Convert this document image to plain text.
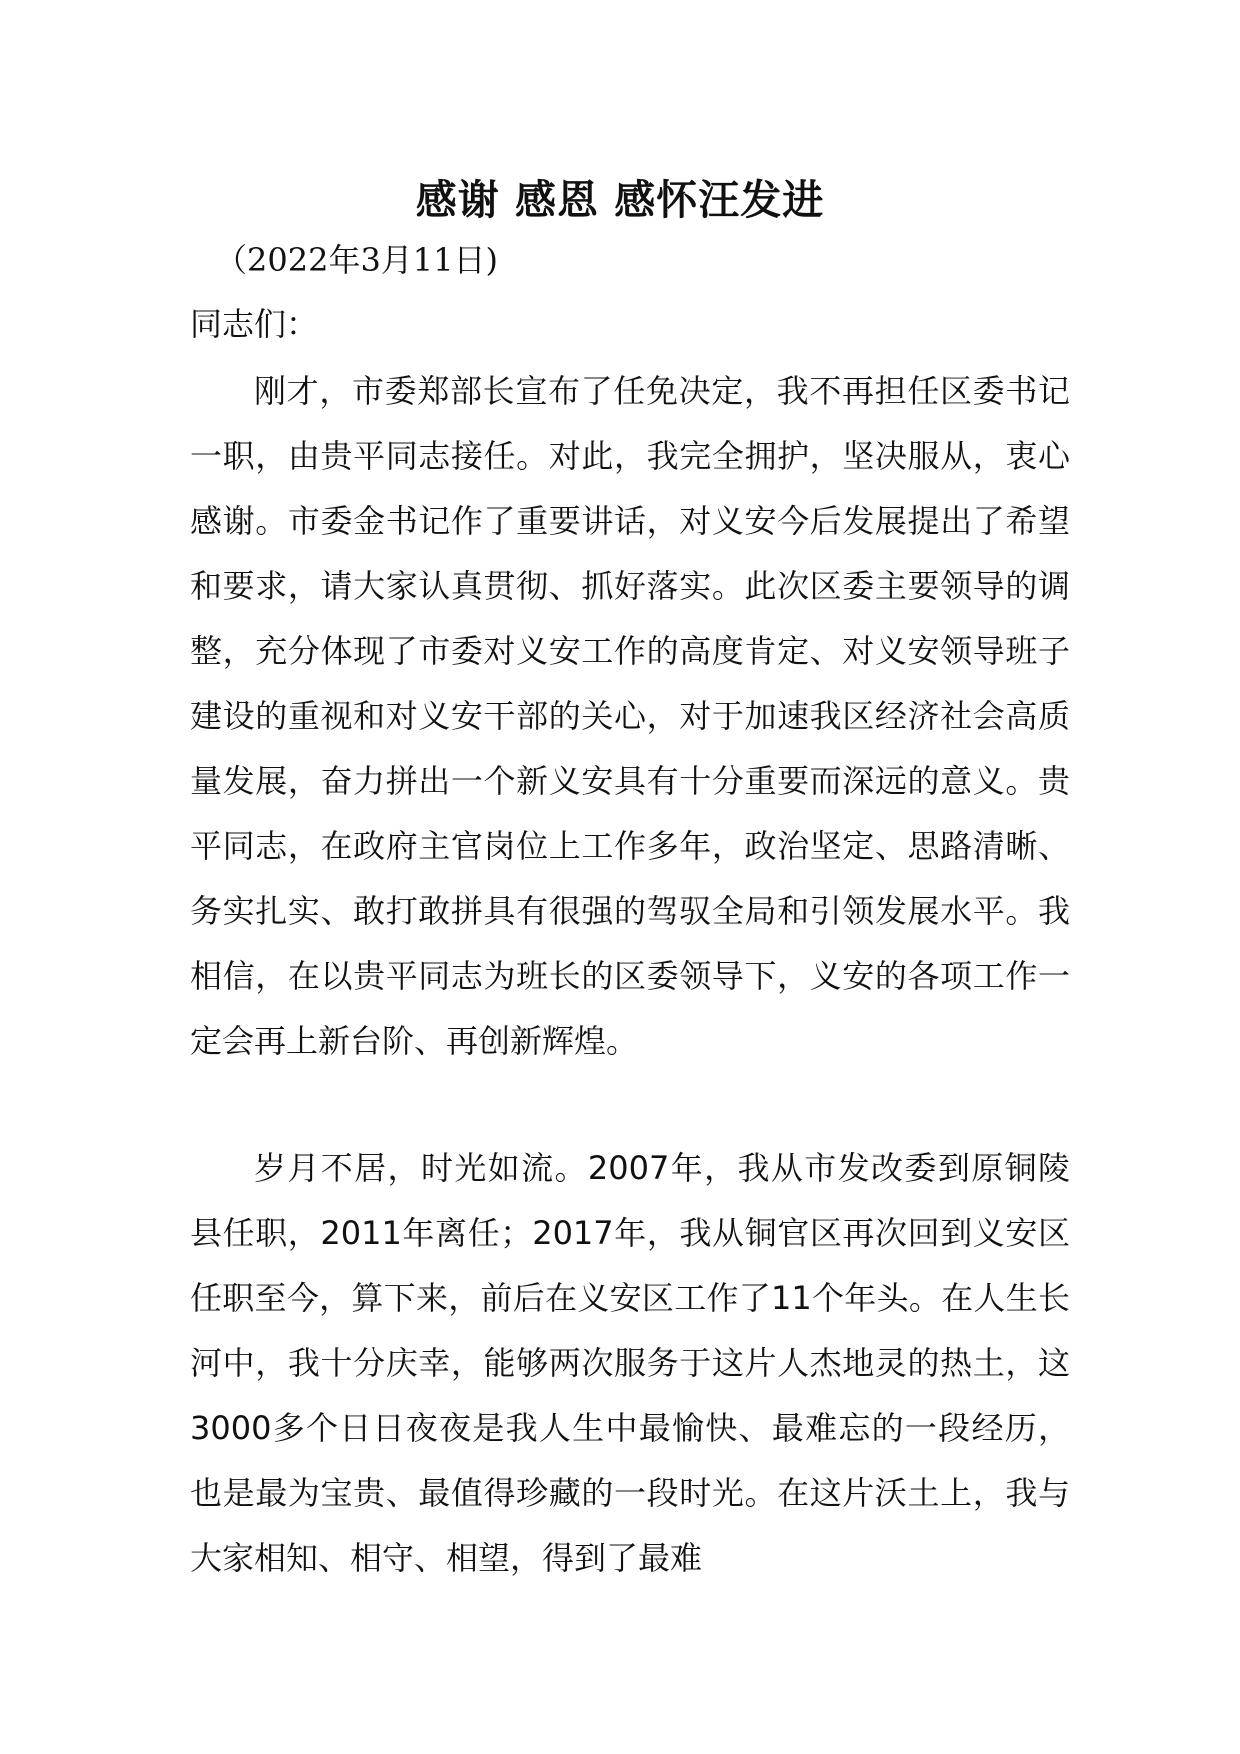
感谢 感恩 感怀汪发进
（2022年3月11日)
同志们：

刚才，市委郑部长宣布了任免决定，我不再担任区委书记一职，由贵平同志接任。对此，我完全拥护，坚决服从，衷心感谢。市委金书记作了重要讲话，对义安今后发展提出了希望和要求，请大家认真贯彻、抓好落实。此次区委主要领导的调整，充分体现了市委对义安工作的高度肯定、对义安领导班子建设的重视和对义安干部的关心，对于加速我区经济社会高质量发展，奋力拼出一个新义安具有十分重要而深远的意义。贵平同志，在政府主官岗位上工作多年，政治坚定、思路清晰、务实扎实、敢打敢拼具有很强的驾驭全局和引领发展水平。我相信，在以贵平同志为班长的区委领导下，义安的各项工作一定会再上新台阶、再创新辉煌。

岁月不居，时光如流。2007年，我从市发改委到原铜陵县任职，2011年离任；2017年，我从铜官区再次回到义安区任职至今，算下来，前后在义安区工作了11个年头。在人生长河中，我十分庆幸，能够两次服务于这片人杰地灵的热土，这3000多个日日夜夜是我人生中最愉快、最难忘的一段经历，也是最为宝贵、最值得珍藏的一段时光。在这片沃土上，我与大家相知、相守、相望，得到了最难
